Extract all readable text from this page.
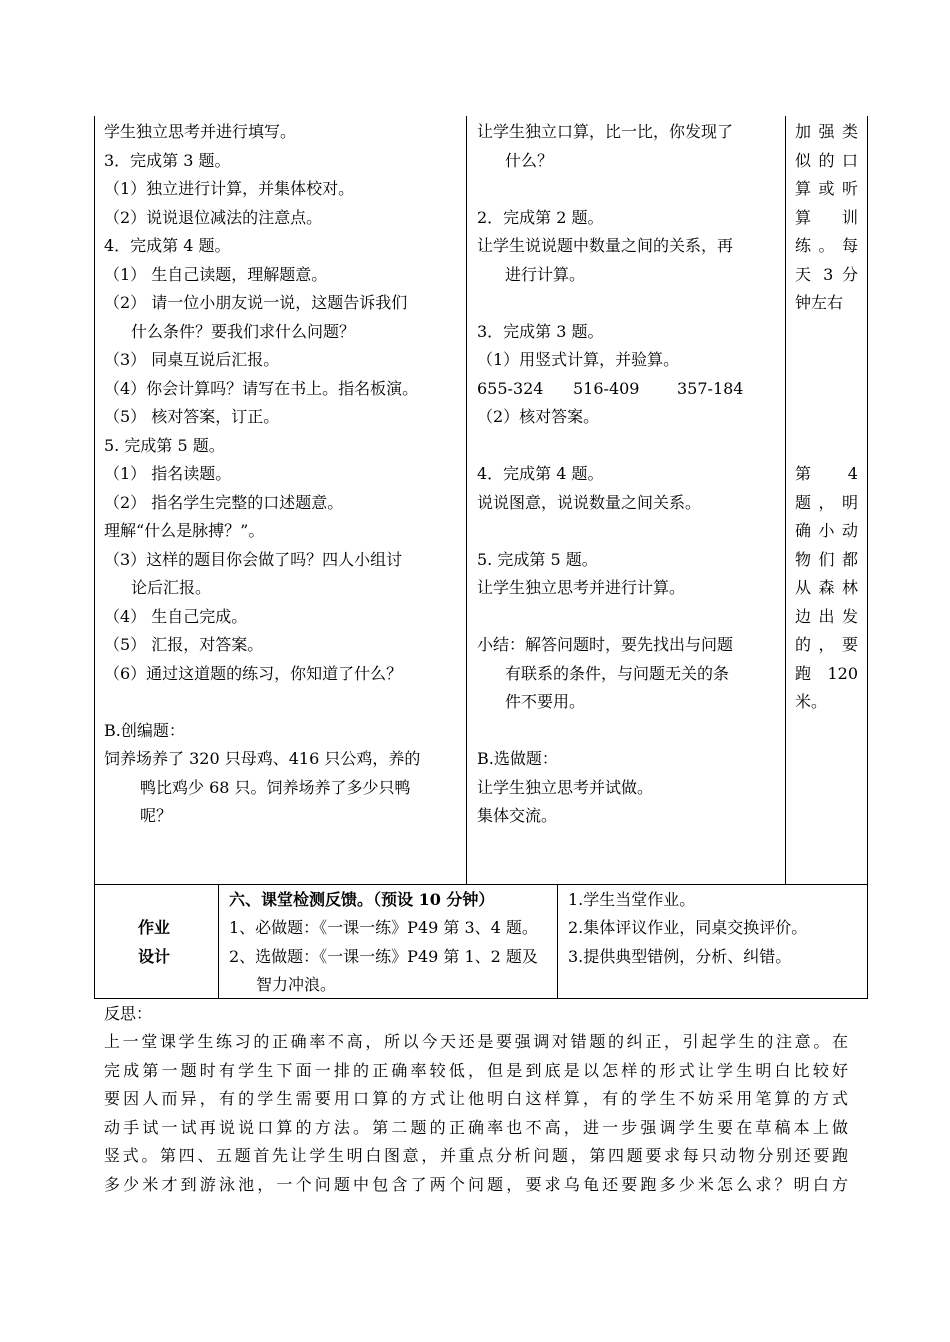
学生独立思考并进行填写。
3．完成第 3 题。
（1）独立进行计算，并集体校对。
（2）说说退位减法的注意点。
4．完成第 4 题。
（1） 生自己读题，理解题意。
（2） 请一位小朋友说一说，这题告诉我们
什么条件？要我们求什么问题？
（3） 同桌互说后汇报。
（4）你会计算吗？请写在书上。指名板演。
（5） 核对答案，订正。
5. 完成第 5 题。
（1） 指名读题。
（2） 指名学生完整的口述题意。
理解“什么是脉搏？”。
（3）这样的题目你会做了吗？四人小组讨
论后汇报。
（4） 生自己完成。
（5） 汇报，对答案。
（6）通过这道题的练习，你知道了什么？
B.创编题：
饲养场养了 320 只母鸡、416 只公鸡，养的
鸭比鸡少 68 只。饲养场养了多少只鸭
呢？
让学生独立口算，比一比，你发现了
什么？
2．完成第 2 题。
让学生说说题中数量之间的关系，再
进行计算。
3．完成第 3 题。
（1）用竖式计算，并验算。
655-324 516-409 357-184
（2）核对答案。
4．完成第 4 题。
说说图意，说说数量之间关系。
5. 完成第 5 题。
让学生独立思考并进行计算。
小结：解答问题时，要先找出与问题
有联系的条件，与问题无关的条
件不要用。
B.选做题：
让学生独立思考并试做。
集体交流。
加强类
似的口
算或听
算　训
练。每
天 3 分
钟左右
第　 4
题，明
确小动
物们都
从森林
边出发
的，要
跑　120
米。
作业
设计
六、课堂检测反馈。（预设 10 分钟）
1、必做题：《一课一练》P49 第 3、4 题。
2、选做题：《一课一练》P49 第 1、2 题及
智力冲浪。
1.学生当堂作业。
2.集体评议作业，同桌交换评价。
3.提供典型错例，分析、纠错。
反思：
上一堂课学生练习的正确率不高，所以今天还是要强调对错题的纠正，引起学生的注意。在
完成第一题时有学生下面一排的正确率较低，但是到底是以怎样的形式让学生明白比较好
要因人而异，有的学生需要用口算的方式让他明白这样算，有的学生不妨采用笔算的方式
动手试一试再说说口算的方法。第二题的正确率也不高，进一步强调学生要在草稿本上做
竖式。第四、五题首先让学生明白图意，并重点分析问题，第四题要求每只动物分别还要跑
多少米才到游泳池，一个问题中包含了两个问题，要求乌龟还要跑多少米怎么求？明白方
